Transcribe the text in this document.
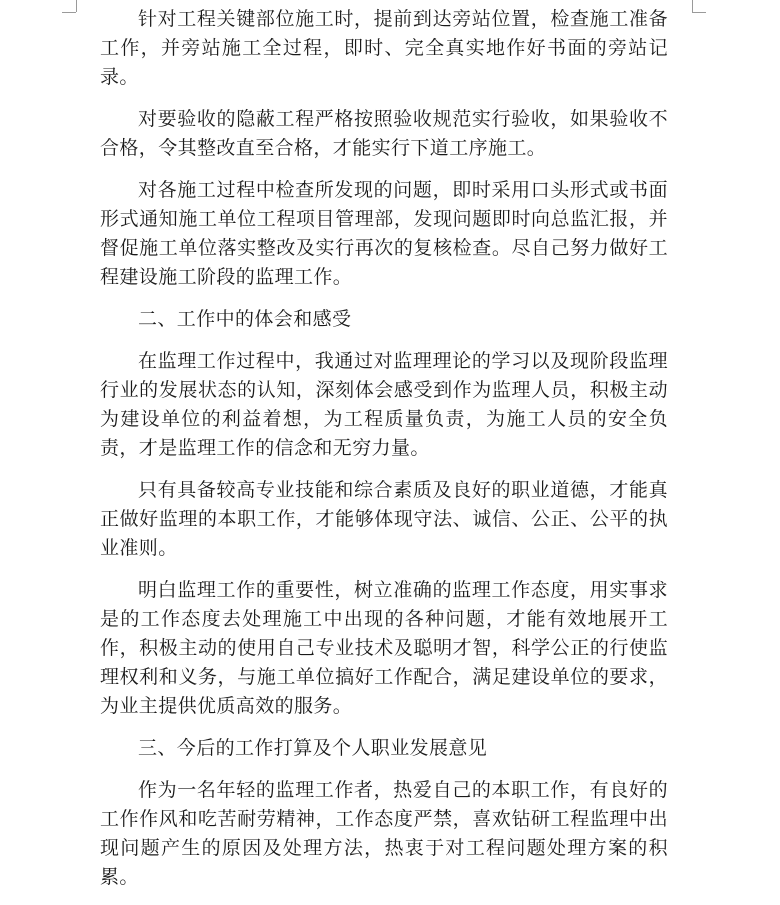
针对工程关键部位施工时，提前到达旁站位置，检查施工准备工作，并旁站施工全过程，即时、完全真实地作好书面的旁站记录。

对要验收的隐蔽工程严格按照验收规范实行验收，如果验收不合格，令其整改直至合格，才能实行下道工序施工。

对各施工过程中检查所发现的问题，即时采用口头形式或书面形式通知施工单位工程项目管理部，发现问题即时向总监汇报，并督促施工单位落实整改及实行再次的复核检查。尽自己努力做好工程建设施工阶段的监理工作。

二、工作中的体会和感受

在监理工作过程中，我通过对监理理论的学习以及现阶段监理行业的发展状态的认知，深刻体会感受到作为监理人员，积极主动为建设单位的利益着想，为工程质量负责，为施工人员的安全负责，才是监理工作的信念和无穷力量。

只有具备较高专业技能和综合素质及良好的职业道德，才能真正做好监理的本职工作，才能够体现守法、诚信、公正、公平的执业准则。

明白监理工作的重要性，树立准确的监理工作态度，用实事求是的工作态度去处理施工中出现的各种问题，才能有效地展开工作，积极主动的使用自己专业技术及聪明才智，科学公正的行使监理权利和义务，与施工单位搞好工作配合，满足建设单位的要求，为业主提供优质高效的服务。

三、今后的工作打算及个人职业发展意见

作为一名年轻的监理工作者，热爱自己的本职工作，有良好的工作作风和吃苦耐劳精神，工作态度严禁，喜欢钻研工程监理中出现问题产生的原因及处理方法，热衷于对工程问题处理方案的积累。
